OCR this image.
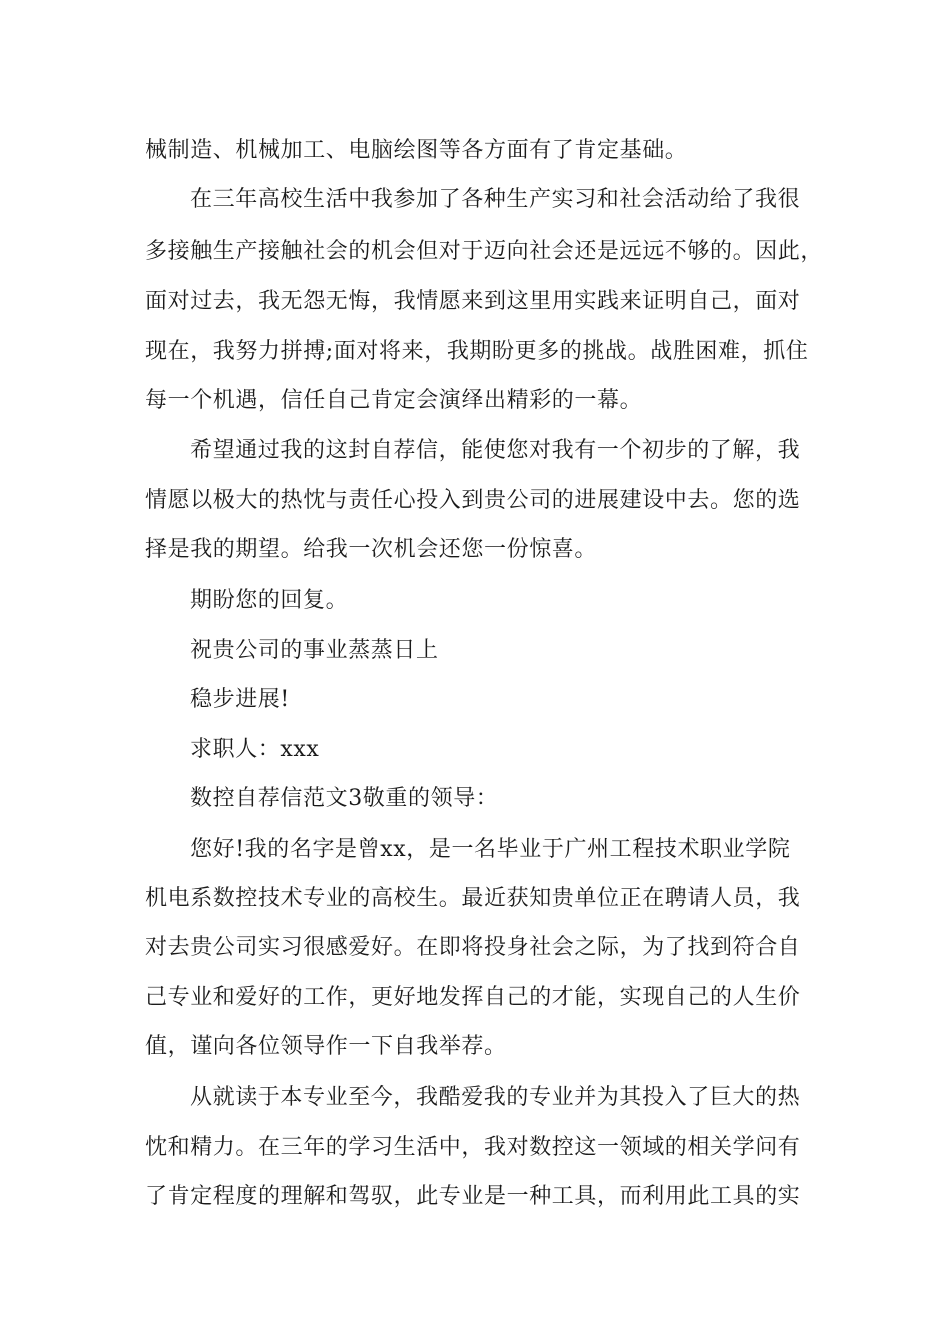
械制造、机械加工、电脑绘图等各方面有了肯定基础。
在三年高校生活中我参加了各种生产实习和社会活动给了我很
多接触生产接触社会的机会但对于迈向社会还是远远不够的。因此，
面对过去，我无怨无悔，我情愿来到这里用实践来证明自己，面对
现在，我努力拼搏;面对将来，我期盼更多的挑战。战胜困难，抓住
每一个机遇，信任自己肯定会演绎出精彩的一幕。
希望通过我的这封自荐信，能使您对我有一个初步的了解，我
情愿以极大的热忱与责任心投入到贵公司的进展建设中去。您的选
择是我的期望。给我一次机会还您一份惊喜。
期盼您的回复。
祝贵公司的事业蒸蒸日上
稳步进展!
求职人：xxx
数控自荐信范文3敬重的领导：
您好!我的名字是曾xx，是一名毕业于广州工程技术职业学院
机电系数控技术专业的高校生。最近获知贵单位正在聘请人员，我
对去贵公司实习很感爱好。在即将投身社会之际，为了找到符合自
己专业和爱好的工作，更好地发挥自己的才能，实现自己的人生价
值，谨向各位领导作一下自我举荐。
从就读于本专业至今，我酷爱我的专业并为其投入了巨大的热
忱和精力。在三年的学习生活中，我对数控这一领域的相关学问有
了肯定程度的理解和驾驭，此专业是一种工具，而利用此工具的实
